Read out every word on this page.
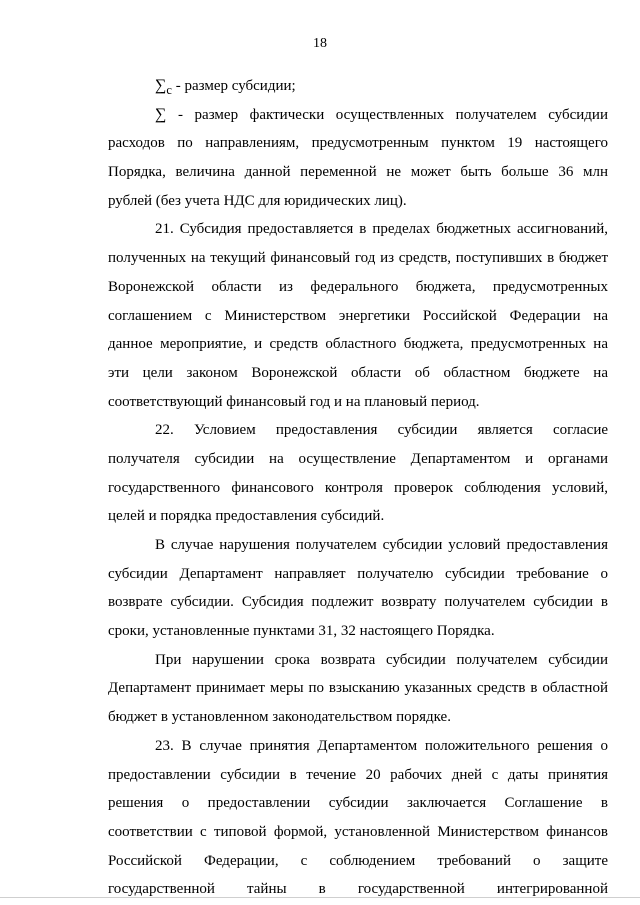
18
$\sum_с$ - размер субсидии;
∑ - размер фактически осуществленных получателем субсидии
расходов по направлениям, предусмотренным пунктом 19 настоящего
Порядка, величина данной переменной не может быть больше 36 млн
рублей (без учета НДС для юридических лиц).
21. Субсидия предоставляется в пределах бюджетных ассигнований,
полученных на текущий финансовый год из средств, поступивших в бюджет
Воронежской области из федерального бюджета, предусмотренных
соглашением с Министерством энергетики Российской Федерации на
данное мероприятие, и средств областного бюджета, предусмотренных на
эти цели законом Воронежской области об областном бюджете на
соответствующий финансовый год и на плановый период.
22. Условием предоставления субсидии является согласие
получателя субсидии на осуществление Департаментом и органами
государственного финансового контроля проверок соблюдения условий,
целей и порядка предоставления субсидий.
В случае нарушения получателем субсидии условий предоставления
субсидии Департамент направляет получателю субсидии требование о
возврате субсидии. Субсидия подлежит возврату получателем субсидии в
сроки, установленные пунктами 31, 32 настоящего Порядка.
При нарушении срока возврата субсидии получателем субсидии
Департамент принимает меры по взысканию указанных средств в областной
бюджет в установленном законодательством порядке.
23. В случае принятия Департаментом положительного решения о
предоставлении субсидии в течение 20 рабочих дней с даты принятия
решения о предоставлении субсидии заключается Соглашение в
соответствии с типовой формой, установленной Министерством финансов
Российской Федерации, с соблюдением требований о защите
государственной тайны в государственной интегрированной
